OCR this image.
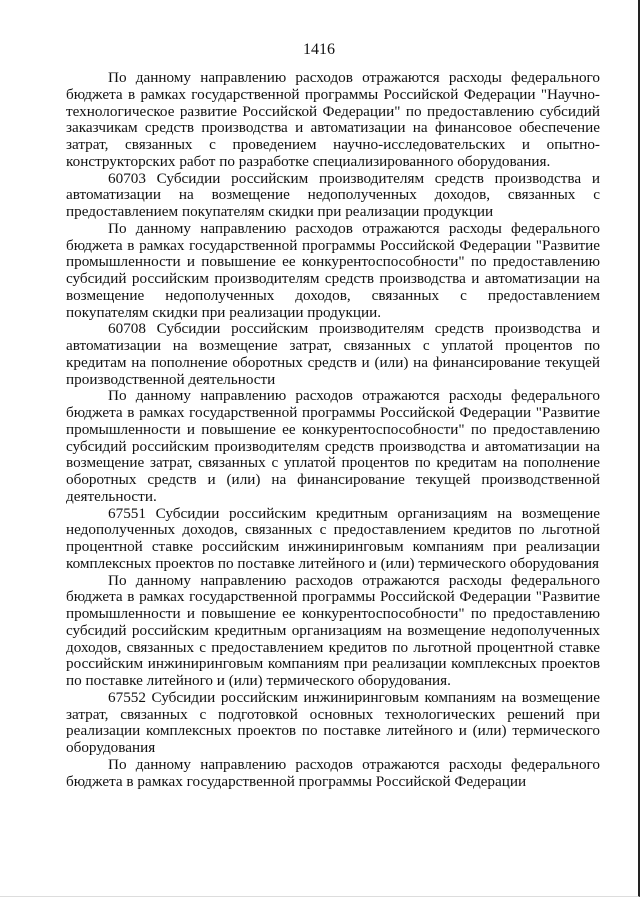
1416

По данному направлению расходов отражаются расходы федерального бюджета в рамках государственной программы Российской Федерации "Научно-технологическое развитие Российской Федерации" по предоставлению субсидий заказчикам средств производства и автоматизации на финансовое обеспечение затрат, связанных с проведением научно-исследовательских и опытно-конструкторских работ по разработке специализированного оборудования.

60703 Субсидии российским производителям средств производства и автоматизации на возмещение недополученных доходов, связанных с предоставлением покупателям скидки при реализации продукции

По данному направлению расходов отражаются расходы федерального бюджета в рамках государственной программы Российской Федерации "Развитие промышленности и повышение ее конкурентоспособности" по предоставлению субсидий российским производителям средств производства и автоматизации на возмещение недополученных доходов, связанных с предоставлением покупателям скидки при реализации продукции.

60708 Субсидии российским производителям средств производства и автоматизации на возмещение затрат, связанных с уплатой процентов по кредитам на пополнение оборотных средств и (или) на финансирование текущей производственной деятельности

По данному направлению расходов отражаются расходы федерального бюджета в рамках государственной программы Российской Федерации "Развитие промышленности и повышение ее конкурентоспособности" по предоставлению субсидий российским производителям средств производства и автоматизации на возмещение затрат, связанных с уплатой процентов по кредитам на пополнение оборотных средств и (или) на финансирование текущей производственной деятельности.

67551 Субсидии российским кредитным организациям на возмещение недополученных доходов, связанных с предоставлением кредитов по льготной процентной ставке российским инжиниринговым компаниям при реализации комплексных проектов по поставке литейного и (или) термического оборудования

По данному направлению расходов отражаются расходы федерального бюджета в рамках государственной программы Российской Федерации "Развитие промышленности и повышение ее конкурентоспособности" по предоставлению субсидий российским кредитным организациям на возмещение недополученных доходов, связанных с предоставлением кредитов по льготной процентной ставке российским инжиниринговым компаниям при реализации комплексных проектов по поставке литейного и (или) термического оборудования.

67552 Субсидии российским инжиниринговым компаниям на возмещение затрат, связанных с подготовкой основных технологических решений при реализации комплексных проектов по поставке литейного и (или) термического оборудования

По данному направлению расходов отражаются расходы федерального бюджета в рамках государственной программы Российской Федерации
